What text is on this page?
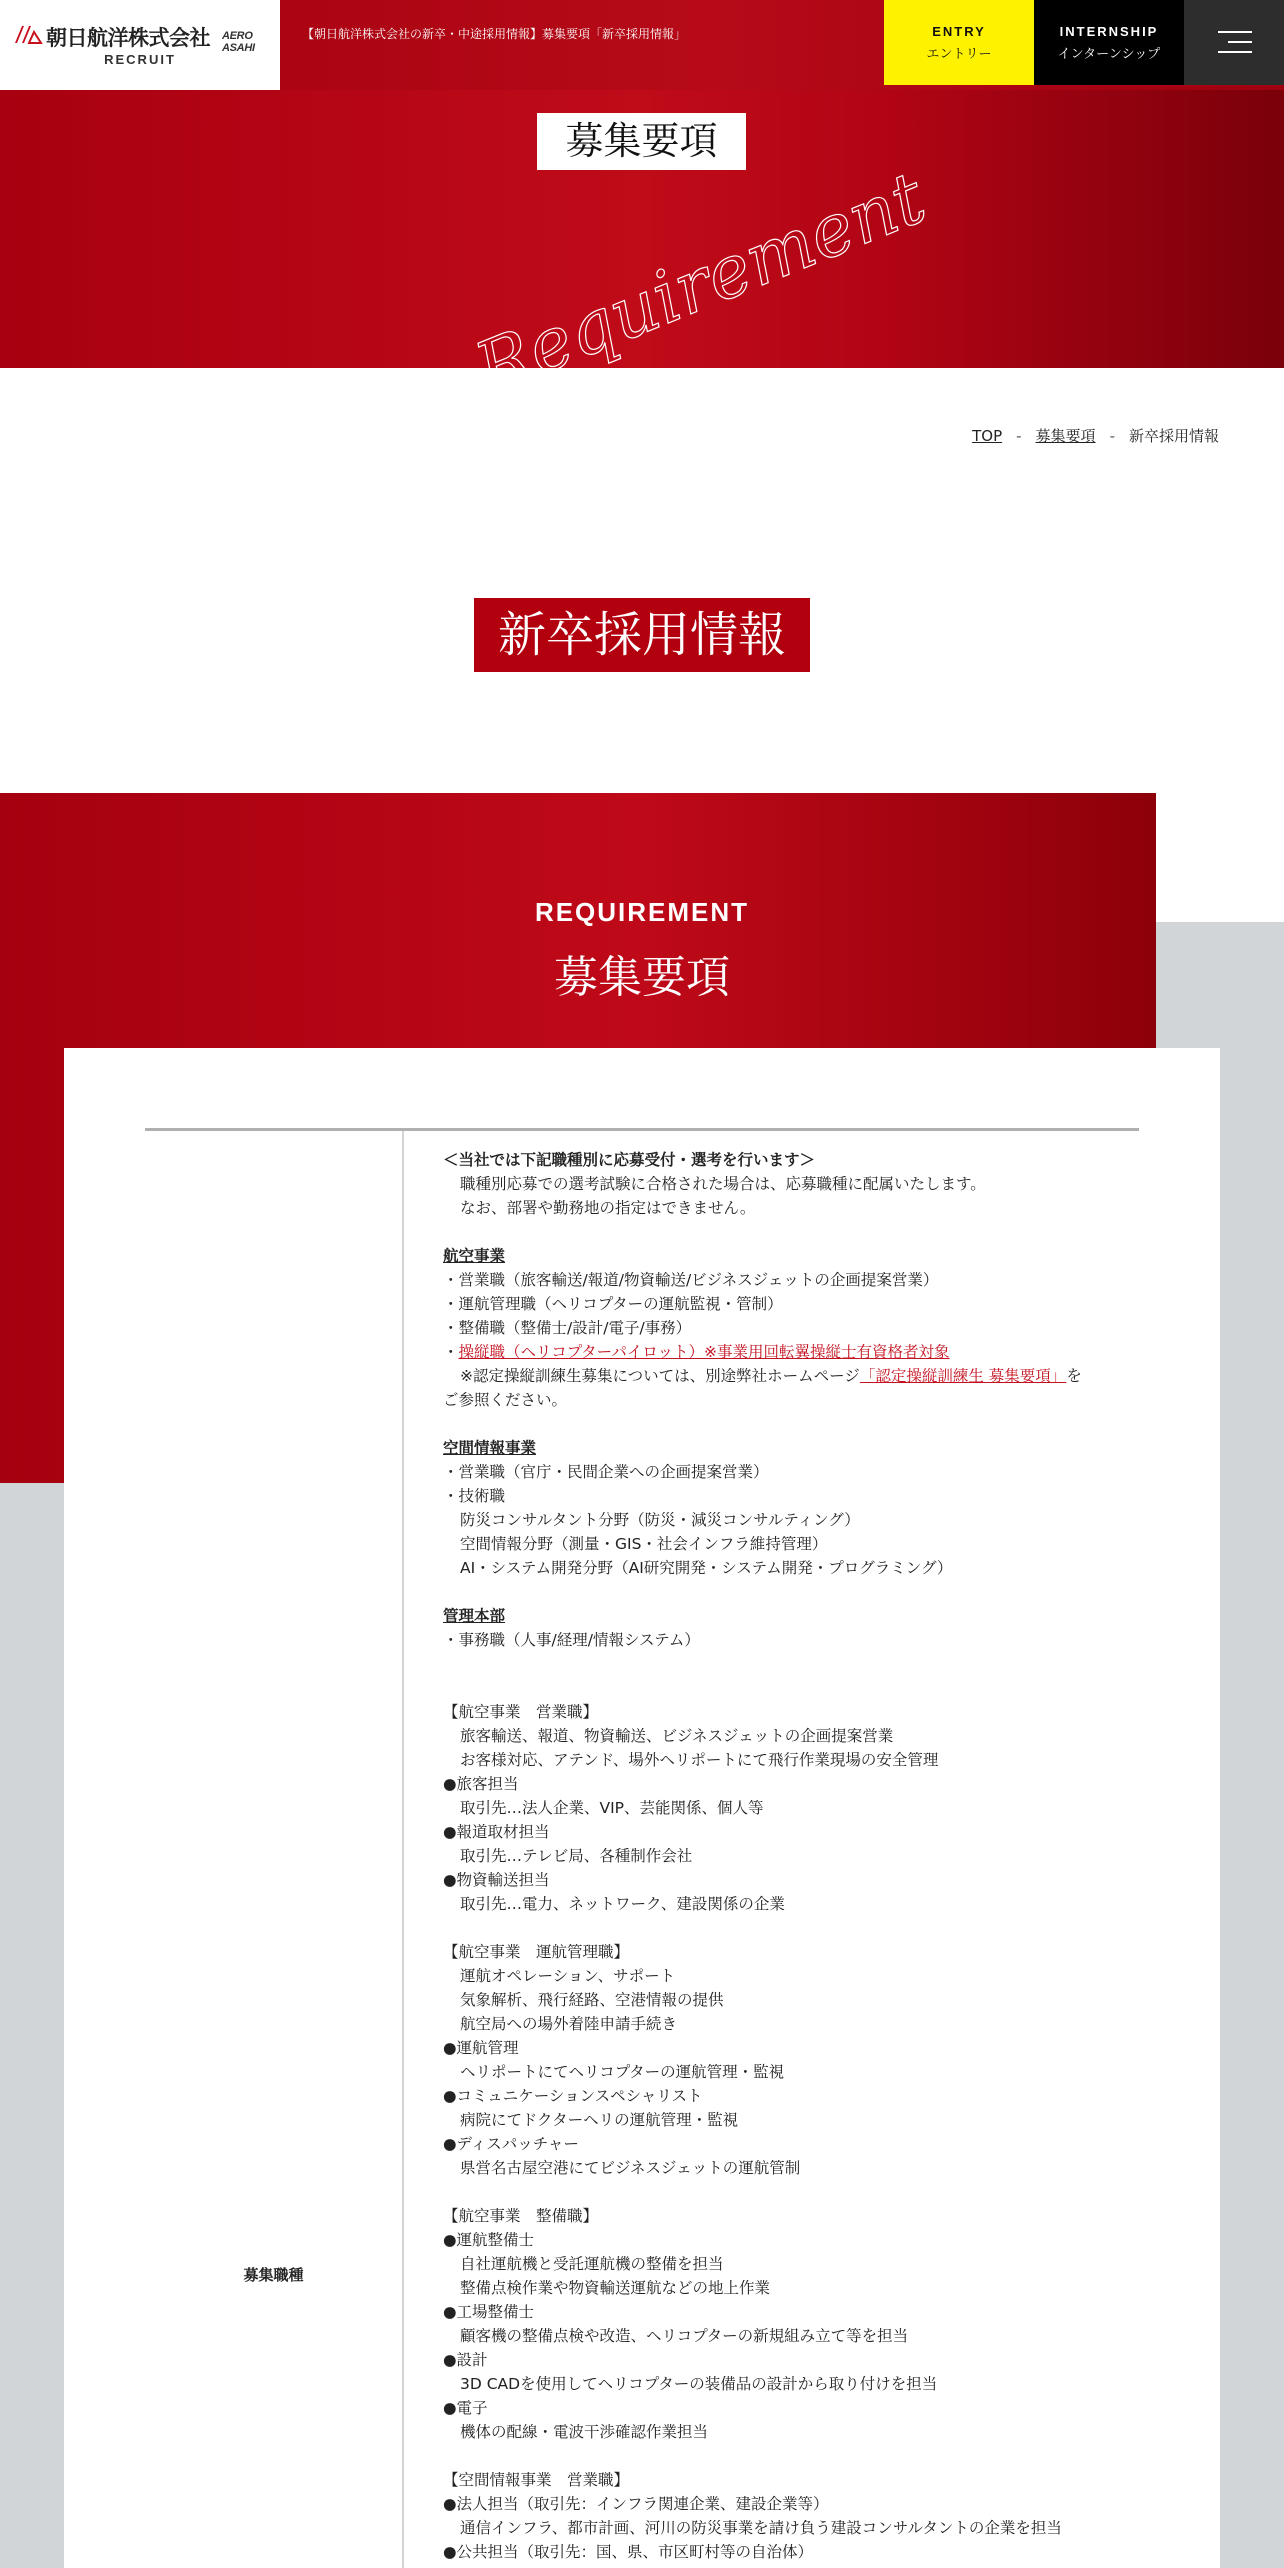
朝日航洋株式会社 AERO ASAHI
RECRUIT
【朝日航洋株式会社の新卒・中途採用情報】募集要項「新卒採用情報」	ENTRY
エントリー
INTERNSHIP
インターンシップ
募集要項
Requirement
TOP - 募集要項 - 新卒採用情報
新卒採用情報
REQUIREMENT
募集要項
募集職種
＜当社では下記職種別に応募受付・選考を行います＞
職種別応募での選考試験に合格された場合は、応募職種に配属いたします。
なお、部署や勤務地の指定はできません。
航空事業
・営業職（旅客輸送/報道/物資輸送/ビジネスジェットの企画提案営業）
・運航管理職（ヘリコプターの運航監視・管制）
・整備職（整備士/設計/電子/事務）
・操縦職（ヘリコプターパイロット）※事業用回転翼操縦士有資格者対象
※認定操縦訓練生募集については、別途弊社ホームページ「認定操縦訓練生 募集要項」を
ご参照ください。
空間情報事業
・営業職（官庁・民間企業への企画提案営業）
・技術職
防災コンサルタント分野（防災・減災コンサルティング）
空間情報分野（測量・GIS・社会インフラ維持管理）
AI・システム開発分野（AI研究開発・システム開発・プログラミング）
管理本部
・事務職（人事/経理/情報システム）
【航空事業　営業職】
旅客輸送、報道、物資輸送、ビジネスジェットの企画提案営業
お客様対応、アテンド、場外ヘリポートにて飛行作業現場の安全管理
●旅客担当
取引先…法人企業、VIP、芸能関係、個人等
●報道取材担当
取引先…テレビ局、各種制作会社
●物資輸送担当
取引先…電力、ネットワーク、建設関係の企業
【航空事業　運航管理職】
運航オペレーション、サポート
気象解析、飛行経路、空港情報の提供
航空局への場外着陸申請手続き
●運航管理
ヘリポートにてヘリコプターの運航管理・監視
●コミュニケーションスペシャリスト
病院にてドクターヘリの運航管理・監視
●ディスパッチャー
県営名古屋空港にてビジネスジェットの運航管制
【航空事業　整備職】
●運航整備士
自社運航機と受託運航機の整備を担当
整備点検作業や物資輸送運航などの地上作業
●工場整備士
顧客機の整備点検や改造、ヘリコプターの新規組み立て等を担当
●設計
3D CADを使用してヘリコプターの装備品の設計から取り付けを担当
●電子
機体の配線・電波干渉確認作業担当
【空間情報事業　営業職】
●法人担当（取引先：インフラ関連企業、建設企業等）
通信インフラ、都市計画、河川の防災事業を請け負う建設コンサルタントの企業を担当
●公共担当（取引先：国、県、市区町村等の自治体）
